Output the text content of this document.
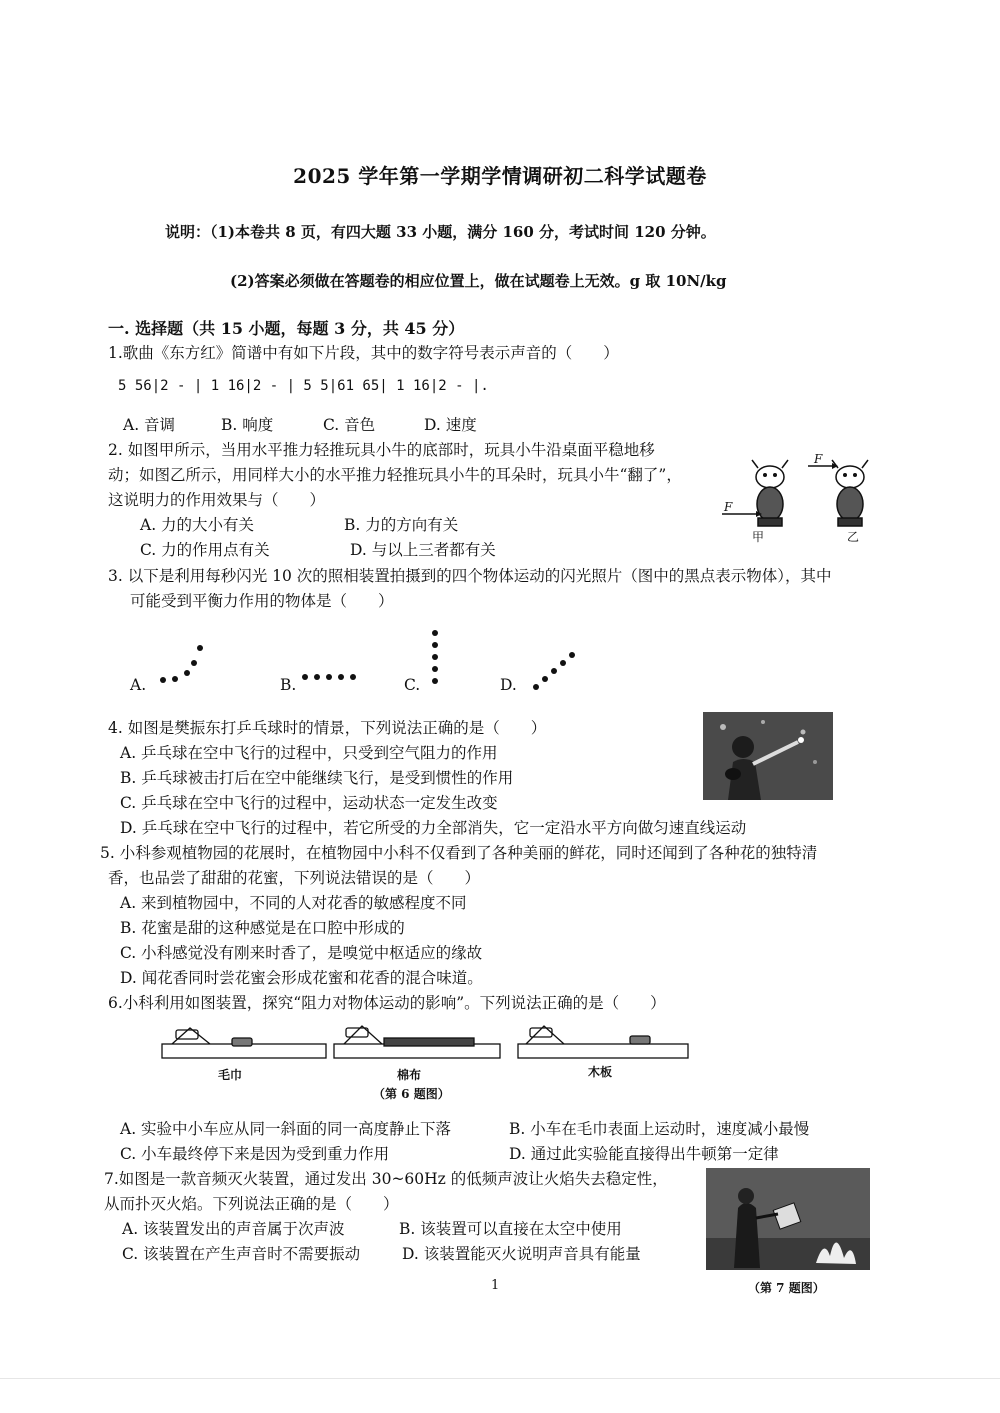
2025 学年第一学期学情调研初二科学试题卷
说明：（1)本卷共 8 页，有四大题 33 小题，满分 160 分，考试时间 120 分钟。
(2)答案必须做在答题卷的相应位置上，做在试题卷上无效。g 取 10N/kg
一. 选择题（共 15 小题，每题 3 分，共 45 分）
1.歌曲《东方红》简谱中有如下片段，其中的数字符号表示声音的（　　）
5 56|2 - | 1 16|2 - | 5 5|61 65| 1 16|2 - |.
A. 音调	B. 响度	C. 音色	D. 速度
2. 如图甲所示，当用水平推力轻推玩具小牛的底部时，玩具小牛沿桌面平稳地移
动；如图乙所示，用同样大小的水平推力轻推玩具小牛的耳朵时，玩具小牛“翻了”，
这说明力的作用效果与（　　）
A. 力的大小有关	B. 力的方向有关
C. 力的作用点有关	D. 与以上三者都有关
F
F
甲	乙
3. 以下是利用每秒闪光 10 次的照相装置拍摄到的四个物体运动的闪光照片（图中的黑点表示物体），其中
可能受到平衡力作用的物体是（　　）
A.	B.	C.	D.
4. 如图是樊振东打乒乓球时的情景，下列说法正确的是（　　）
A. 乒乓球在空中飞行的过程中，只受到空气阻力的作用
B. 乒乓球被击打后在空中能继续飞行，是受到惯性的作用
C. 乒乓球在空中飞行的过程中，运动状态一定发生改变
D. 乒乓球在空中飞行的过程中，若它所受的力全部消失，它一定沿水平方向做匀速直线运动
5. 小科参观植物园的花展时，在植物园中小科不仅看到了各种美丽的鲜花，同时还闻到了各种花的独特清
香，也品尝了甜甜的花蜜，下列说法错误的是（　　）
A. 来到植物园中，不同的人对花香的敏感程度不同
B. 花蜜是甜的这种感觉是在口腔中形成的
C. 小科感觉没有刚来时香了，是嗅觉中枢适应的缘故
D. 闻花香同时尝花蜜会形成花蜜和花香的混合味道。
6.小科利用如图装置，探究“阻力对物体运动的影响”。下列说法正确的是（　　）
毛巾	棉布	木板
（第 6 题图）
A. 实验中小车应从同一斜面的同一高度静止下落	B. 小车在毛巾表面上运动时，速度减小最慢
C. 小车最终停下来是因为受到重力作用	D. 通过此实验能直接得出牛顿第一定律
7.如图是一款音频灭火装置，通过发出 30~60Hz 的低频声波让火焰失去稳定性，
从而扑灭火焰。下列说法正确的是（　　）
A. 该装置发出的声音属于次声波	B. 该装置可以直接在太空中使用
C. 该装置在产生声音时不需要振动	D. 该装置能灭火说明声音具有能量
（第 7 题图）
1
